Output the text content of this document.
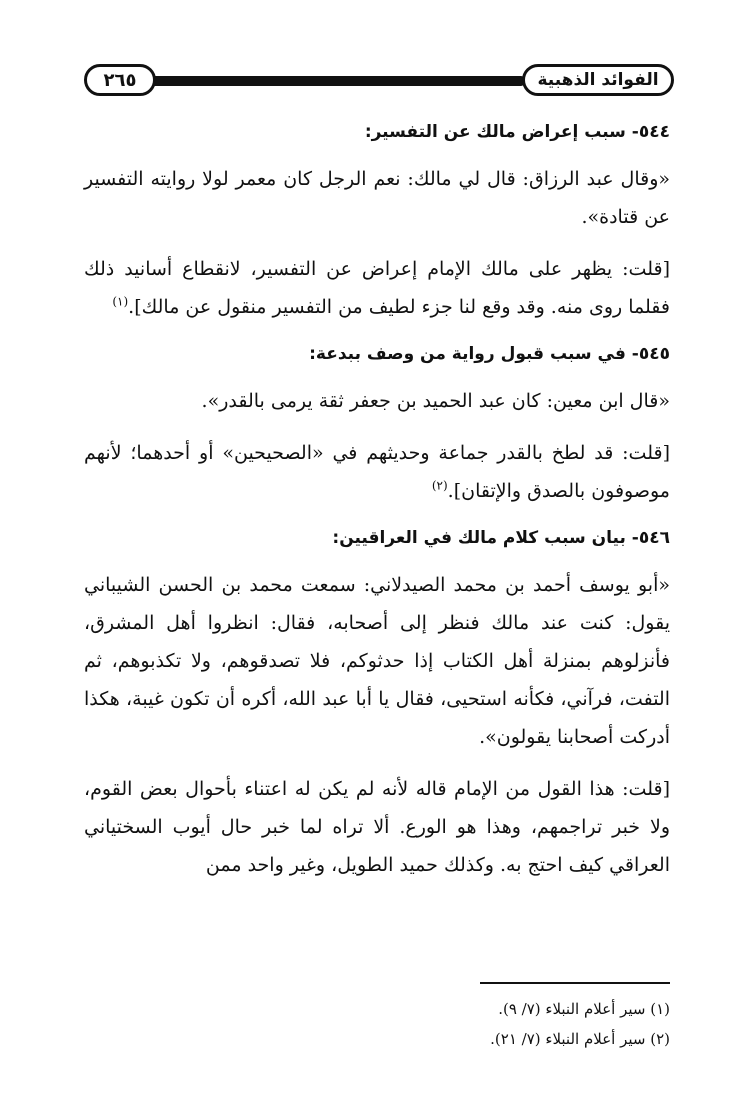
الفوائد الذهبية
٢٦٥

٥٤٤- سبب إعراض مالك عن التفسير:

«وقال عبد الرزاق: قال لي مالك: نعم الرجل كان معمر لولا روايته التفسير عن قتادة».

[قلت: يظهر على مالك الإمام إعراض عن التفسير، لانقطاع أسانيد ذلك فقلما روى منه. وقد وقع لنا جزء لطيف من التفسير منقول عن مالك].$^{(١)}$

٥٤٥- في سبب قبول رواية من وصف ببدعة:

«قال ابن معين: كان عبد الحميد بن جعفر ثقة يرمى بالقدر».

[قلت: قد لطخ بالقدر جماعة وحديثهم في «الصحيحين» أو أحدهما؛ لأنهم موصوفون بالصدق والإتقان].$^{(٢)}$

٥٤٦- بيان سبب كلام مالك في العراقيين:

«أبو يوسف أحمد بن محمد الصيدلاني: سمعت محمد بن الحسن الشيباني يقول: كنت عند مالك فنظر إلى أصحابه، فقال: انظروا أهل المشرق، فأنزلوهم بمنزلة أهل الكتاب إذا حدثوكم، فلا تصدقوهم، ولا تكذبوهم، ثم التفت، فرآني، فكأنه استحيى، فقال يا أبا عبد الله، أكره أن تكون غيبة، هكذا أدركت أصحابنا يقولون».

[قلت: هذا القول من الإمام قاله لأنه لم يكن له اعتناء بأحوال بعض القوم، ولا خبر تراجمهم، وهذا هو الورع. ألا تراه لما خبر حال أيوب السختياني العراقي كيف احتج به. وكذلك حميد الطويل، وغير واحد ممن

(١) سير أعلام النبلاء (٧/ ٩).

(٢) سير أعلام النبلاء (٧/ ٢١).
